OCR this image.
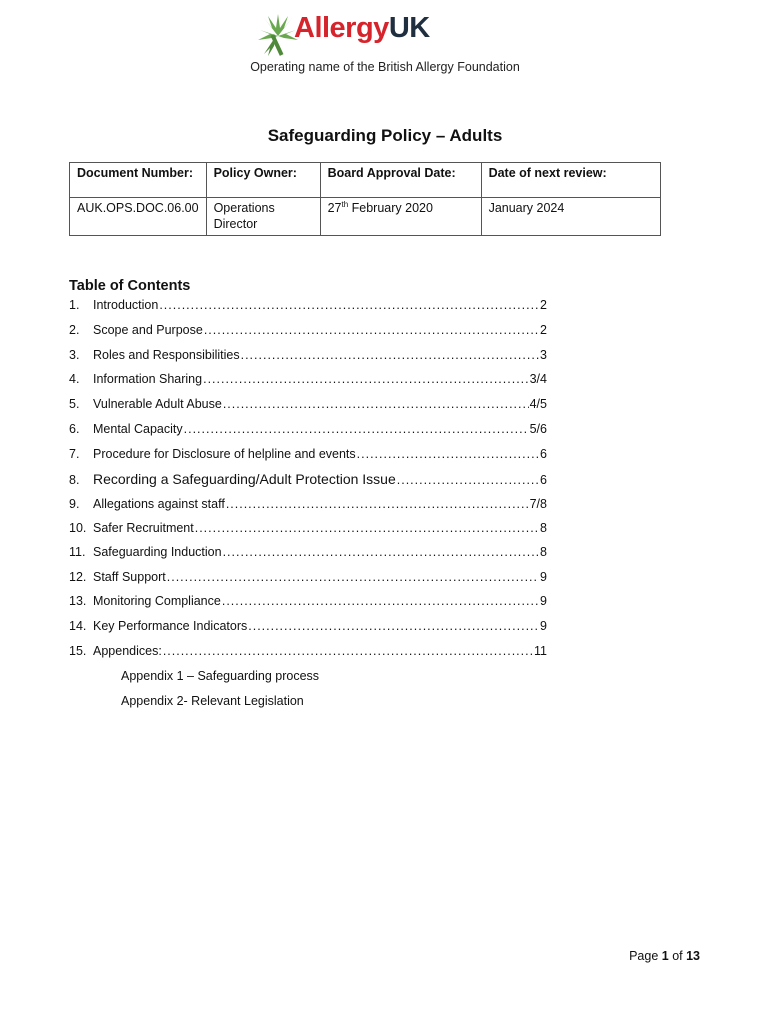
AllergyUK
Operating name of the British Allergy Foundation
Safeguarding Policy – Adults
Document Number:	Policy Owner:	Board Approval Date:	Date of next review:
AUK.OPS.DOC.06.00	Operations Director	27th February 2020	January 2024
Table of Contents
1.	Introduction .....	2
2.	Scope and Purpose .....	2
3.	Roles and Responsibilities .....	3
4.	Information Sharing .....	3/4
5.	Vulnerable Adult Abuse .....	4/5
6.	Mental Capacity .....	5/6
7.	Procedure for Disclosure of helpline and events .....	6
8. Recording a Safeguarding/Adult Protection Issue .....	6
9.	Allegations against staff .....	7/8
10. Safer Recruitment .....	8
11. Safeguarding Induction .....	8
12. Staff Support .....	9
13. Monitoring Compliance .....	9
14. Key Performance Indicators .....	9
15. Appendices: .....	11
Appendix 1 – Safeguarding process
Appendix 2- Relevant Legislation
Page 1 of 13
